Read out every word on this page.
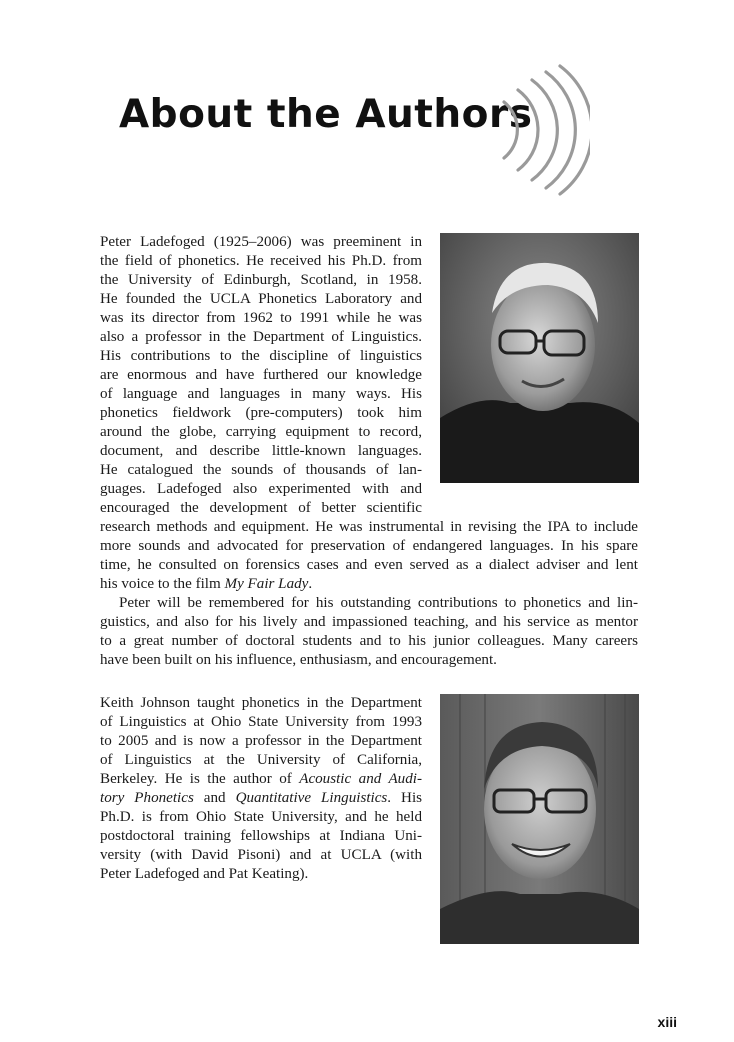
About the Authors
Peter Ladefoged (1925–2006) was preeminent in
the field of phonetics. He received his Ph.D. from
the University of Edinburgh, Scotland, in 1958.
He founded the UCLA Phonetics Laboratory and
was its director from 1962 to 1991 while he was
also a professor in the Department of Linguistics.
His contributions to the discipline of linguistics
are enormous and have furthered our knowledge
of language and languages in many ways. His
phonetics fieldwork (pre-computers) took him
around the globe, carrying equipment to record,
document, and describe little-known languages.
He catalogued the sounds of thousands of lan-
guages. Ladefoged also experimented with and
encouraged the development of better scientific
research methods and equipment. He was instrumental in revising the IPA to include
more sounds and advocated for preservation of endangered languages. In his spare
time, he consulted on forensics cases and even served as a dialect adviser and lent
his voice to the film My Fair Lady.
Peter will be remembered for his outstanding contributions to phonetics and lin-
guistics, and also for his lively and impassioned teaching, and his service as mentor
to a great number of doctoral students and to his junior colleagues. Many careers
have been built on his influence, enthusiasm, and encouragement.
Keith Johnson taught phonetics in the Department
of Linguistics at Ohio State University from 1993
to 2005 and is now a professor in the Department
of Linguistics at the University of California,
Berkeley. He is the author of Acoustic and Audi-
tory Phonetics and Quantitative Linguistics. His
Ph.D. is from Ohio State University, and he held
postdoctoral training fellowships at Indiana Uni-
versity (with David Pisoni) and at UCLA (with
Peter Ladefoged and Pat Keating).
xiii
